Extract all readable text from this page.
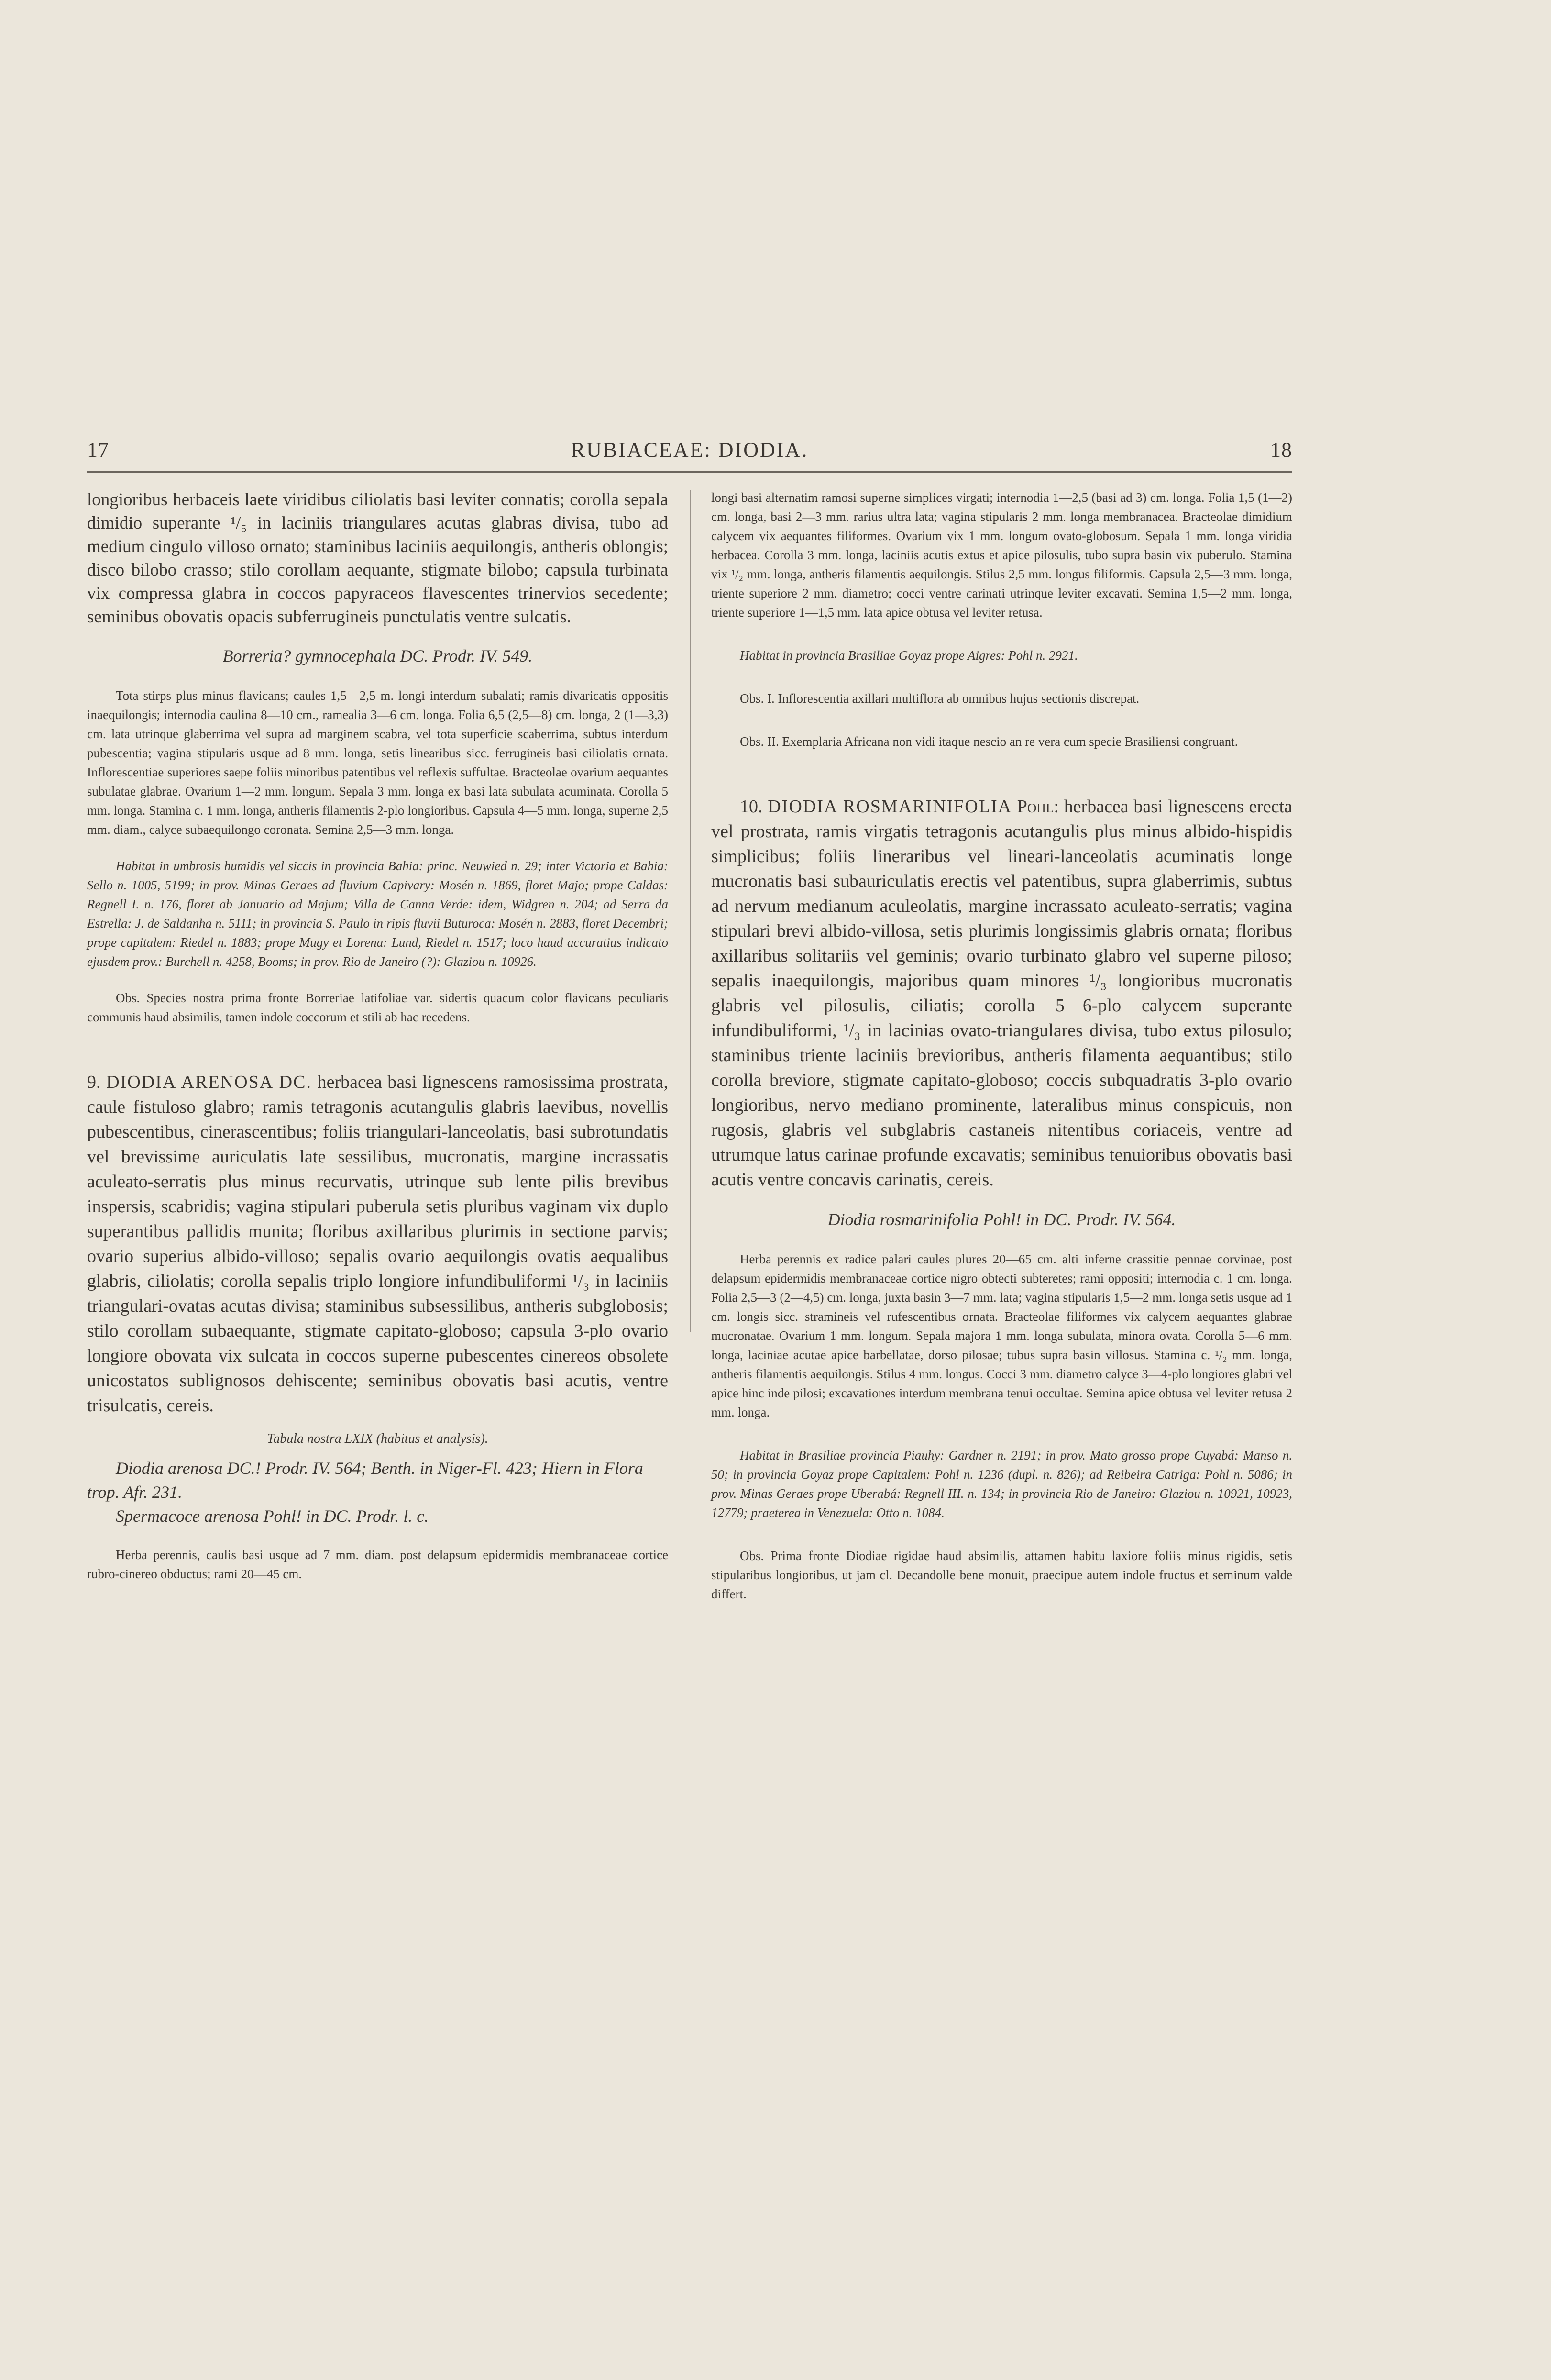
17	RUBIACEAE: DIODIA.	18

longioribus herbaceis laete viridibus ciliolatis basi leviter connatis; corolla sepala dimidio superante ¹/₅ in laciniis triangulares acutas glabras divisa, tubo ad medium cingulo villoso ornato; staminibus laciniis aequilongis, antheris oblongis; disco bilobo crasso; stilo corollam aequante, stigmate bilobo; capsula turbinata vix compressa glabra in coccos papyraceos flavescentes trinervios secedente; seminibus obovatis opacis subferrugineis punctulatis ventre sulcatis.

Borreria? gymnocephala DC. Prodr. IV. 549.

Tota stirps plus minus flavicans; caules 1,5—2,5 m. longi interdum subalati; ramis divaricatis oppositis inaequilongis; internodia caulina 8—10 cm., ramealia 3—6 cm. longa. Folia 6,5 (2,5—8) cm. longa, 2 (1—3,3) cm. lata utrinque glaberrima vel supra ad marginem scabra, vel tota superficie scaberrima, subtus interdum pubescentia; vagina stipularis usque ad 8 mm. longa, setis linearibus sicc. ferrugineis basi ciliolatis ornata. Inflorescentiae superiores saepe foliis minoribus patentibus vel reflexis suffultae. Bracteolae ovarium aequantes subulatae glabrae. Ovarium 1—2 mm. longum. Sepala 3 mm. longa ex basi lata subulata acuminata. Corolla 5 mm. longa. Stamina c. 1 mm. longa, antheris filamentis 2-plo longioribus. Capsula 4—5 mm. longa, superne 2,5 mm. diam., calyce subaequilongo coronata. Semina 2,5—3 mm. longa.

Habitat in umbrosis humidis vel siccis in provincia Bahia: princ. Neuwied n. 29; inter Victoria et Bahia: Sello n. 1005, 5199; in prov. Minas Geraes ad fluvium Capivary: Mosén n. 1869, floret Majo; prope Caldas: Regnell I. n. 176, floret ab Januario ad Majum; Villa de Canna Verde: idem, Widgren n. 204; ad Serra da Estrella: J. de Saldanha n. 5111; in provincia S. Paulo in ripis fluvii Buturoca: Mosén n. 2883, floret Decembri; prope capitalem: Riedel n. 1883; prope Mugy et Lorena: Lund, Riedel n. 1517; loco haud accuratius indicato ejusdem prov.: Burchell n. 4258, Booms; in prov. Rio de Janeiro (?): Glaziou n. 10926.

Obs. Species nostra prima fronte Borreriae latifoliae var. sidertis quacum color flavicans peculiaris communis haud absimilis, tamen indole coccorum et stili ab hac recedens.

9. DIODIA ARENOSA DC. herbacea basi lignescens ramosissima prostrata, caule fistuloso glabro; ramis tetragonis acutangulis glabris laevibus, novellis pubescentibus, cinerascentibus; foliis triangulari-lanceolatis, basi subrotundatis vel brevissime auriculatis late sessilibus, mucronatis, margine incrassatis aculeato-serratis plus minus recurvatis, utrinque sub lente pilis brevibus inspersis, scabridis; vagina stipulari puberula setis pluribus vaginam vix duplo superantibus pallidis munita; floribus axillaribus plurimis in sectione parvis; ovario superius albido-villoso; sepalis ovario aequilongis ovatis aequalibus glabris, ciliolatis; corolla sepalis triplo longiore infundibuliformi ¹/₃ in laciniis triangulari-ovatas acutas divisa; staminibus subsessilibus, antheris subglobosis; stilo corollam subaequante, stigmate capitato-globoso; capsula 3-plo ovario longiore obovata vix sulcata in coccos superne pubescentes cinereos obsolete unicostatos sublignosos dehiscente; seminibus obovatis basi acutis, ventre trisulcatis, cereis.

Tabula nostra LXIX (habitus et analysis).

Diodia arenosa DC.! Prodr. IV. 564; Benth. in Niger-Fl. 423; Hiern in Flora trop. Afr. 231.

Spermacoce arenosa Pohl! in DC. Prodr. l. c.

Herba perennis, caulis basi usque ad 7 mm. diam. post delapsum epidermidis membranaceae cortice rubro-cinereo obductus; rami 20—45 cm.

longi basi alternatim ramosi superne simplices virgati; internodia 1—2,5 (basi ad 3) cm. longa. Folia 1,5 (1—2) cm. longa, basi 2—3 mm. rarius ultra lata; vagina stipularis 2 mm. longa membranacea. Bracteolae dimidium calycem vix aequantes filiformes. Ovarium vix 1 mm. longum ovato-globosum. Sepala 1 mm. longa viridia herbacea. Corolla 3 mm. longa, laciniis acutis extus et apice pilosulis, tubo supra basin vix puberulo. Stamina vix ¹/₂ mm. longa, antheris filamentis aequilongis. Stilus 2,5 mm. longus filiformis. Capsula 2,5—3 mm. longa, triente superiore 2 mm. diametro; cocci ventre carinati utrinque leviter excavati. Semina 1,5—2 mm. longa, triente superiore 1—1,5 mm. lata apice obtusa vel leviter retusa.

Habitat in provincia Brasiliae Goyaz prope Aigres: Pohl n. 2921.

Obs. I. Inflorescentia axillari multiflora ab omnibus hujus sectionis discrepat.

Obs. II. Exemplaria Africana non vidi itaque nescio an re vera cum specie Brasiliensi congruant.

10. DIODIA ROSMARINIFOLIA Pohl: herbacea basi lignescens erecta vel prostrata, ramis virgatis tetragonis acutangulis plus minus albido-hispidis simplicibus; foliis lineraribus vel lineari-lanceolatis acuminatis longe mucronatis basi subauriculatis erectis vel patentibus, supra glaberrimis, subtus ad nervum medianum aculeolatis, margine incrassato aculeato-serratis; vagina stipulari brevi albido-villosa, setis plurimis longissimis glabris ornata; floribus axillaribus solitariis vel geminis; ovario turbinato glabro vel superne piloso; sepalis inaequilongis, majoribus quam minores ¹/₃ longioribus mucronatis glabris vel pilosulis, ciliatis; corolla 5—6-plo calycem superante infundibuliformi, ¹/₃ in lacinias ovato-triangulares divisa, tubo extus pilosulo; staminibus triente laciniis brevioribus, antheris filamenta aequantibus; stilo corolla breviore, stigmate capitato-globoso; coccis subquadratis 3-plo ovario longioribus, nervo mediano prominente, lateralibus minus conspicuis, non rugosis, glabris vel subglabris castaneis nitentibus coriaceis, ventre ad utrumque latus carinae profunde excavatis; seminibus tenuioribus obovatis basi acutis ventre concavis carinatis, cereis.

Diodia rosmarinifolia Pohl! in DC. Prodr. IV. 564.

Herba perennis ex radice palari caules plures 20—65 cm. alti inferne crassitie pennae corvinae, post delapsum epidermidis membranaceae cortice nigro obtecti subteretes; rami oppositi; internodia c. 1 cm. longa. Folia 2,5—3 (2—4,5) cm. longa, juxta basin 3—7 mm. lata; vagina stipularis 1,5—2 mm. longa setis usque ad 1 cm. longis sicc. stramineis vel rufescentibus ornata. Bracteolae filiformes vix calycem aequantes glabrae mucronatae. Ovarium 1 mm. longum. Sepala majora 1 mm. longa subulata, minora ovata. Corolla 5—6 mm. longa, laciniae acutae apice barbellatae, dorso pilosae; tubus supra basin villosus. Stamina c. ¹/₂ mm. longa, antheris filamentis aequilongis. Stilus 4 mm. longus. Cocci 3 mm. diametro calyce 3—4-plo longiores glabri vel apice hinc inde pilosi; excavationes interdum membrana tenui occultae. Semina apice obtusa vel leviter retusa 2 mm. longa.

Habitat in Brasiliae provincia Piauhy: Gardner n. 2191; in prov. Mato grosso prope Cuyabá: Manso n. 50; in provincia Goyaz prope Capitalem: Pohl n. 1236 (dupl. n. 826); ad Reibeira Catriga: Pohl n. 5086; in prov. Minas Geraes prope Uberabá: Regnell III. n. 134; in provincia Rio de Janeiro: Glaziou n. 10921, 10923, 12779; praeterea in Venezuela: Otto n. 1084.

Obs. Prima fronte Diodiae rigidae haud absimilis, attamen habitu laxiore foliis minus rigidis, setis stipularibus longioribus, ut jam cl. Decandolle bene monuit, praecipue autem indole fructus et seminum valde differt.
